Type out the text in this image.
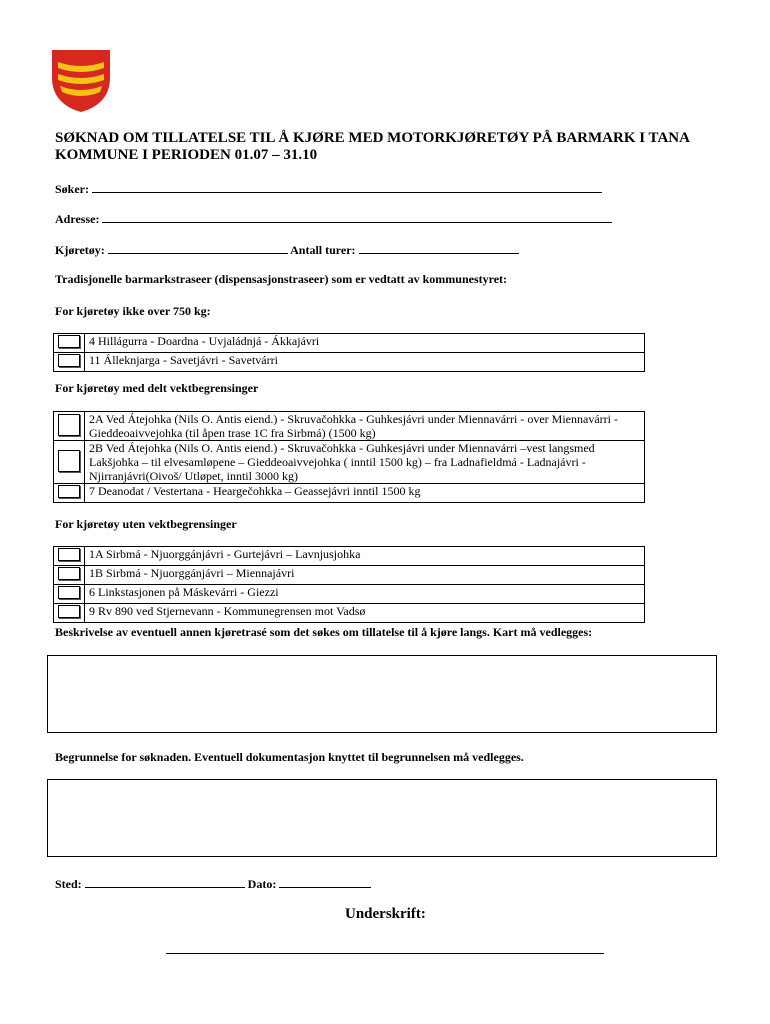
SØKNAD OM TILLATELSE TIL Å KJØRE MED MOTORKJØRETØY PÅ BARMARK I TANA KOMMUNE I PERIODEN 01.07 – 31.10
Søker:
Adresse:
Kjøretøy:	Antall turer:
Tradisjonelle barmarkstraseer (dispensasjonstraseer) som er vedtatt av kommunestyret:
For kjøretøy ikke over 750 kg:
	4 Hillágurra - Doardna - Uvjaládnjá - Ákkajávri
	11 Álleknjarga - Savetjávri - Savetvárri
For kjøretøy med delt vektbegrensinger
	2A Ved Átejohka (Nils O. Antis eiend.) - Skruvačohkka - Guhkesjávri under Miennavárri - over Miennavárri - Gieddeoaivvejohka (til åpen trase 1C fra Sirbmá) (1500 kg)
	2B Ved Átejohka (Nils O. Antis eiend.) - Skruvačohkka - Guhkesjávri under Miennavárri –vest langsmed Lakšjohka – til elvesamløpene – Gieddeoaivvejohka ( inntil 1500 kg) – fra Ladnafieldmá - Ladnajávri - Njirranjávri(Oivoš/ Utløpet, inntil 3000 kg)
	7 Deanodat / Vestertana - Heargečohkka – Geassejávri inntil 1500 kg
For kjøretøy uten vektbegrensinger
	1A Sirbmá - Njuorggánjávri - Gurtejávri – Lavnjusjohka
	1B Sirbmá - Njuorggánjávri – Miennajávri
	6 Linkstasjonen på Máskevárri - Giezzi
	9 Rv 890 ved Stjernevann - Kommunegrensen mot Vadsø
Beskrivelse av eventuell annen kjøretrasé som det søkes om tillatelse til å kjøre langs. Kart må vedlegges:
Begrunnelse for søknaden. Eventuell dokumentasjon knyttet til begrunnelsen må vedlegges.
Sted:	Dato:
Underskrift:
